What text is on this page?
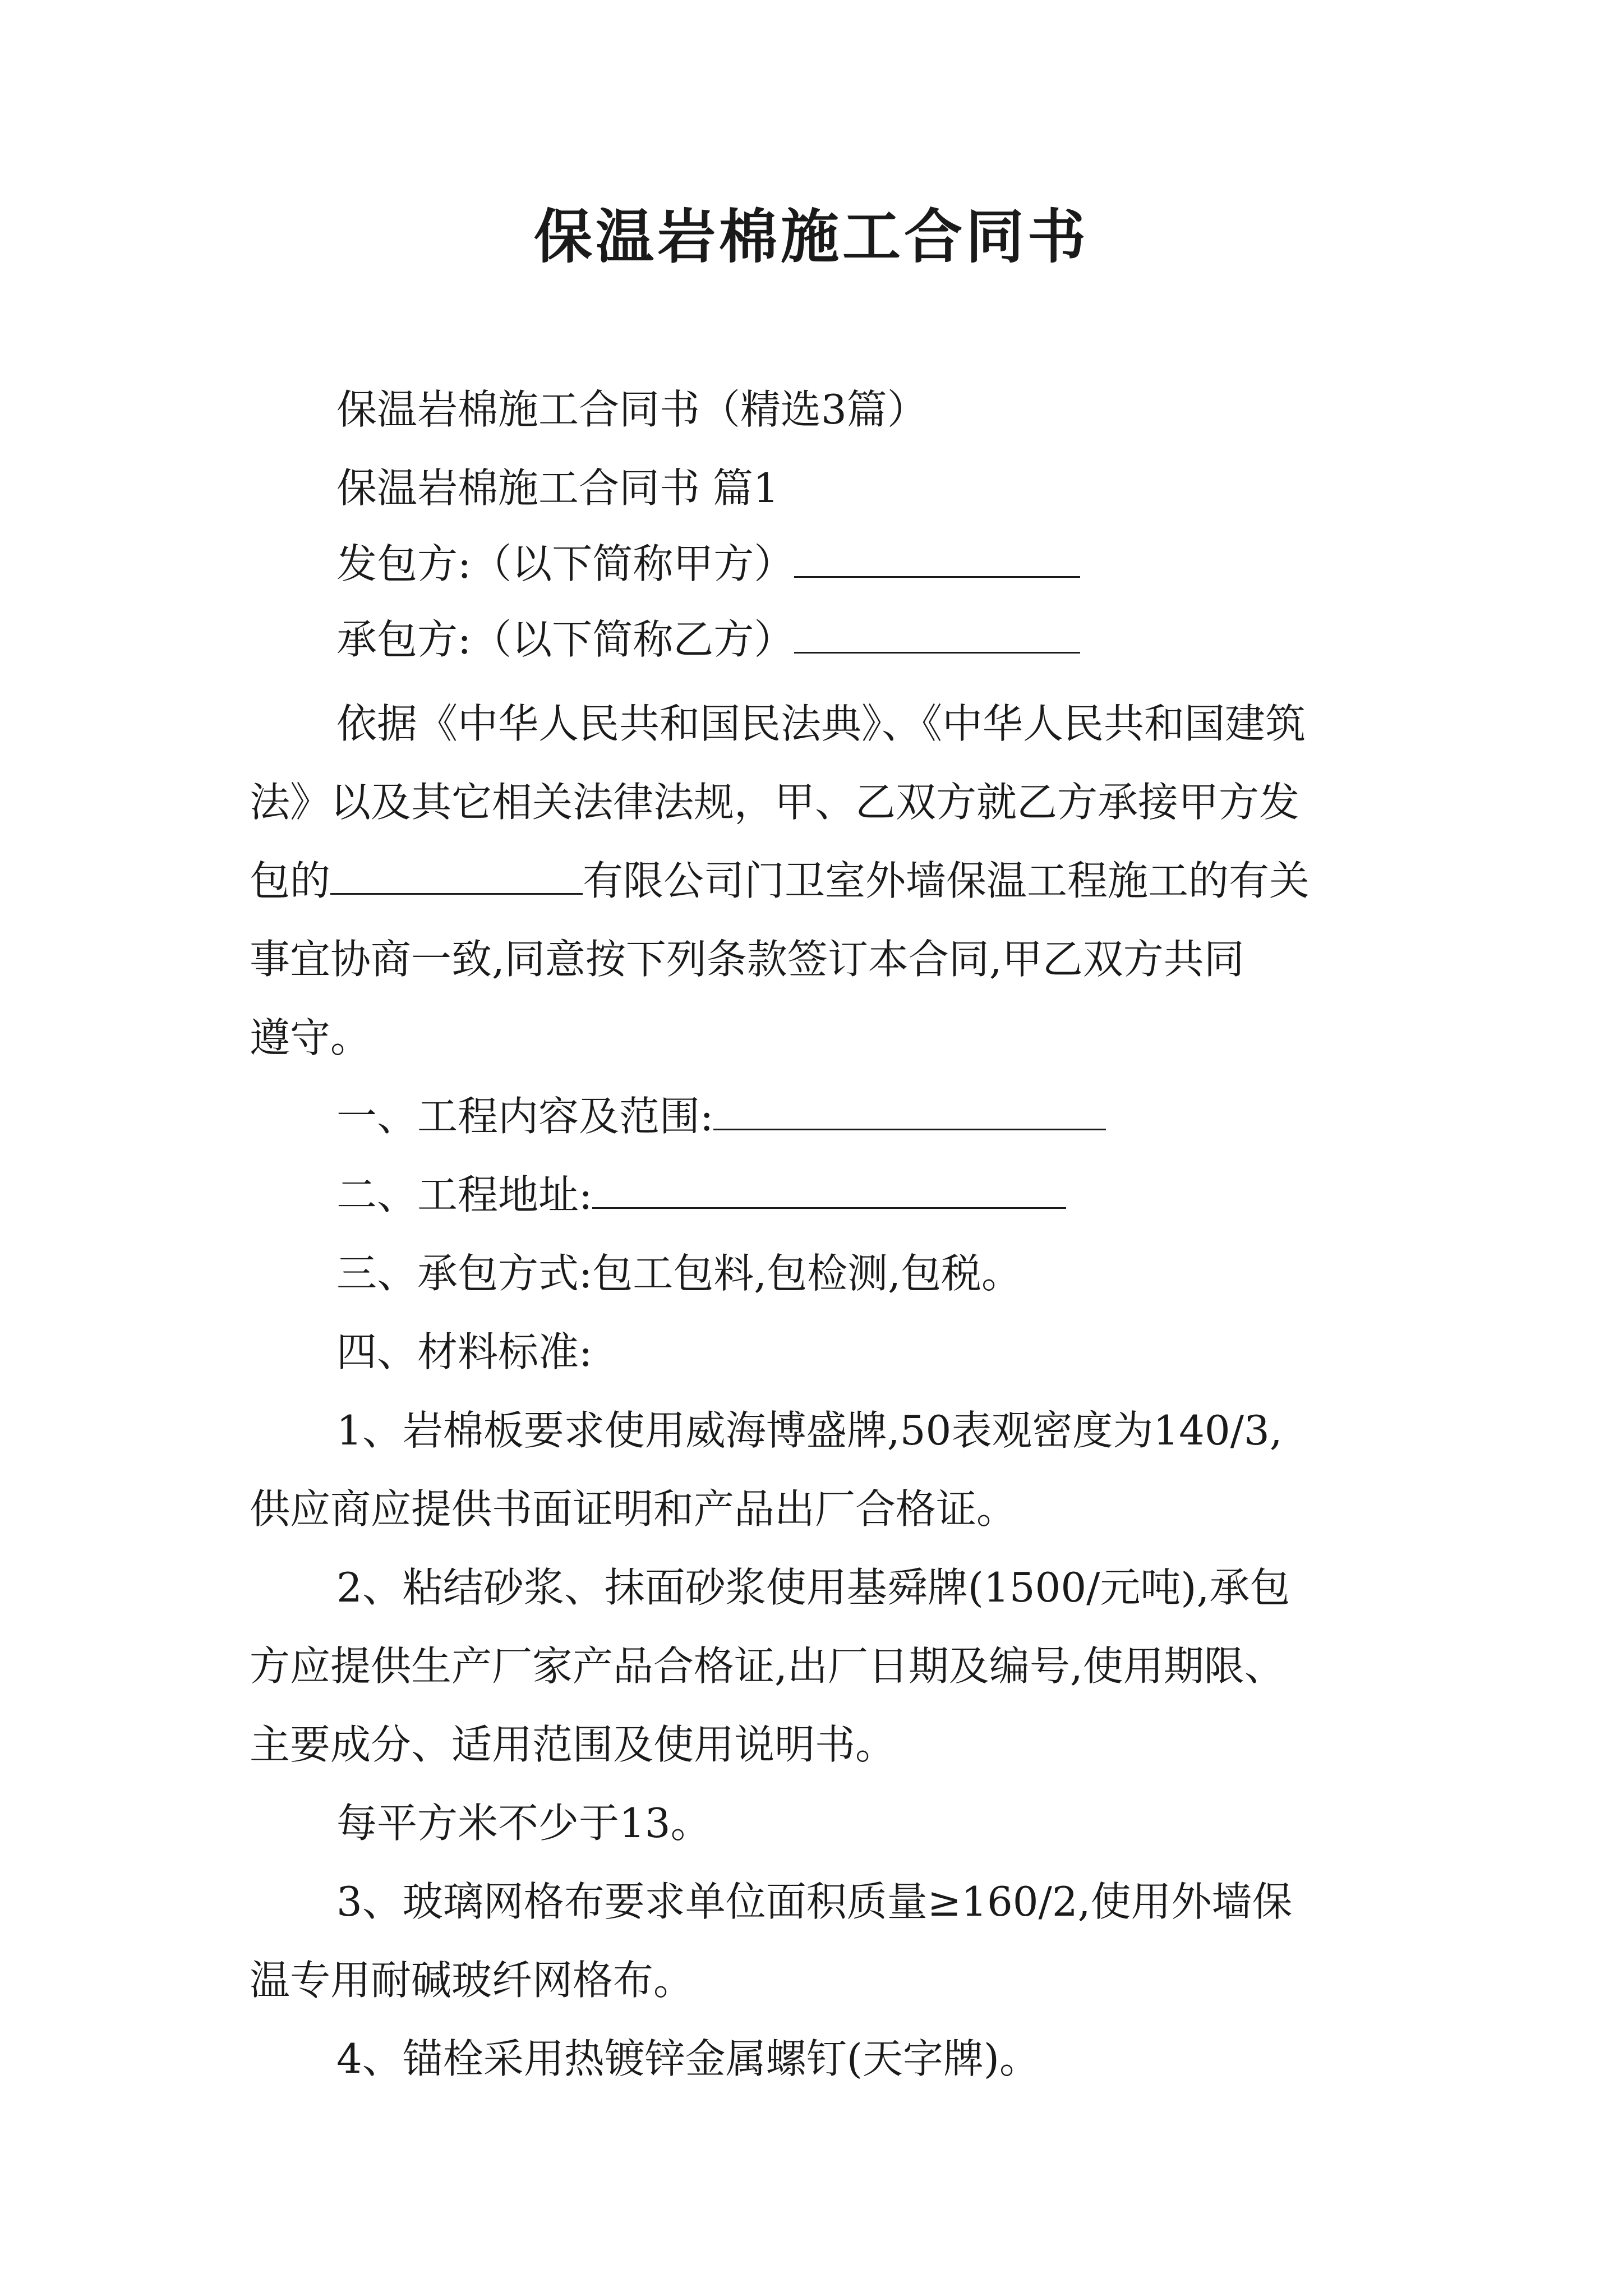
保温岩棉施工合同书
保温岩棉施工合同书（精选3篇）
保温岩棉施工合同书 篇1
发包方:（以下简称甲方）
承包方:（以下简称乙方）
依据《中华人民共和国民法典》、《中华人民共和国建筑
法》以及其它相关法律法规，甲、乙双方就乙方承接甲方发
包的	有限公司门卫室外墙保温工程施工的有关
事宜协商一致,同意按下列条款签订本合同,甲乙双方共同
遵守。
一、工程内容及范围:
二、工程地址:
三、承包方式:包工包料,包检测,包税。
四、材料标准:
1、岩棉板要求使用威海博盛牌,50表观密度为140/3,
供应商应提供书面证明和产品出厂合格证。
2、粘结砂浆、抹面砂浆使用基舜牌(1500/元吨),承包
方应提供生产厂家产品合格证,出厂日期及编号,使用期限、
主要成分、适用范围及使用说明书。
每平方米不少于13。
3、玻璃网格布要求单位面积质量≥160/2,使用外墙保
温专用耐碱玻纤网格布。
4、锚栓采用热镀锌金属螺钉(天字牌)。
